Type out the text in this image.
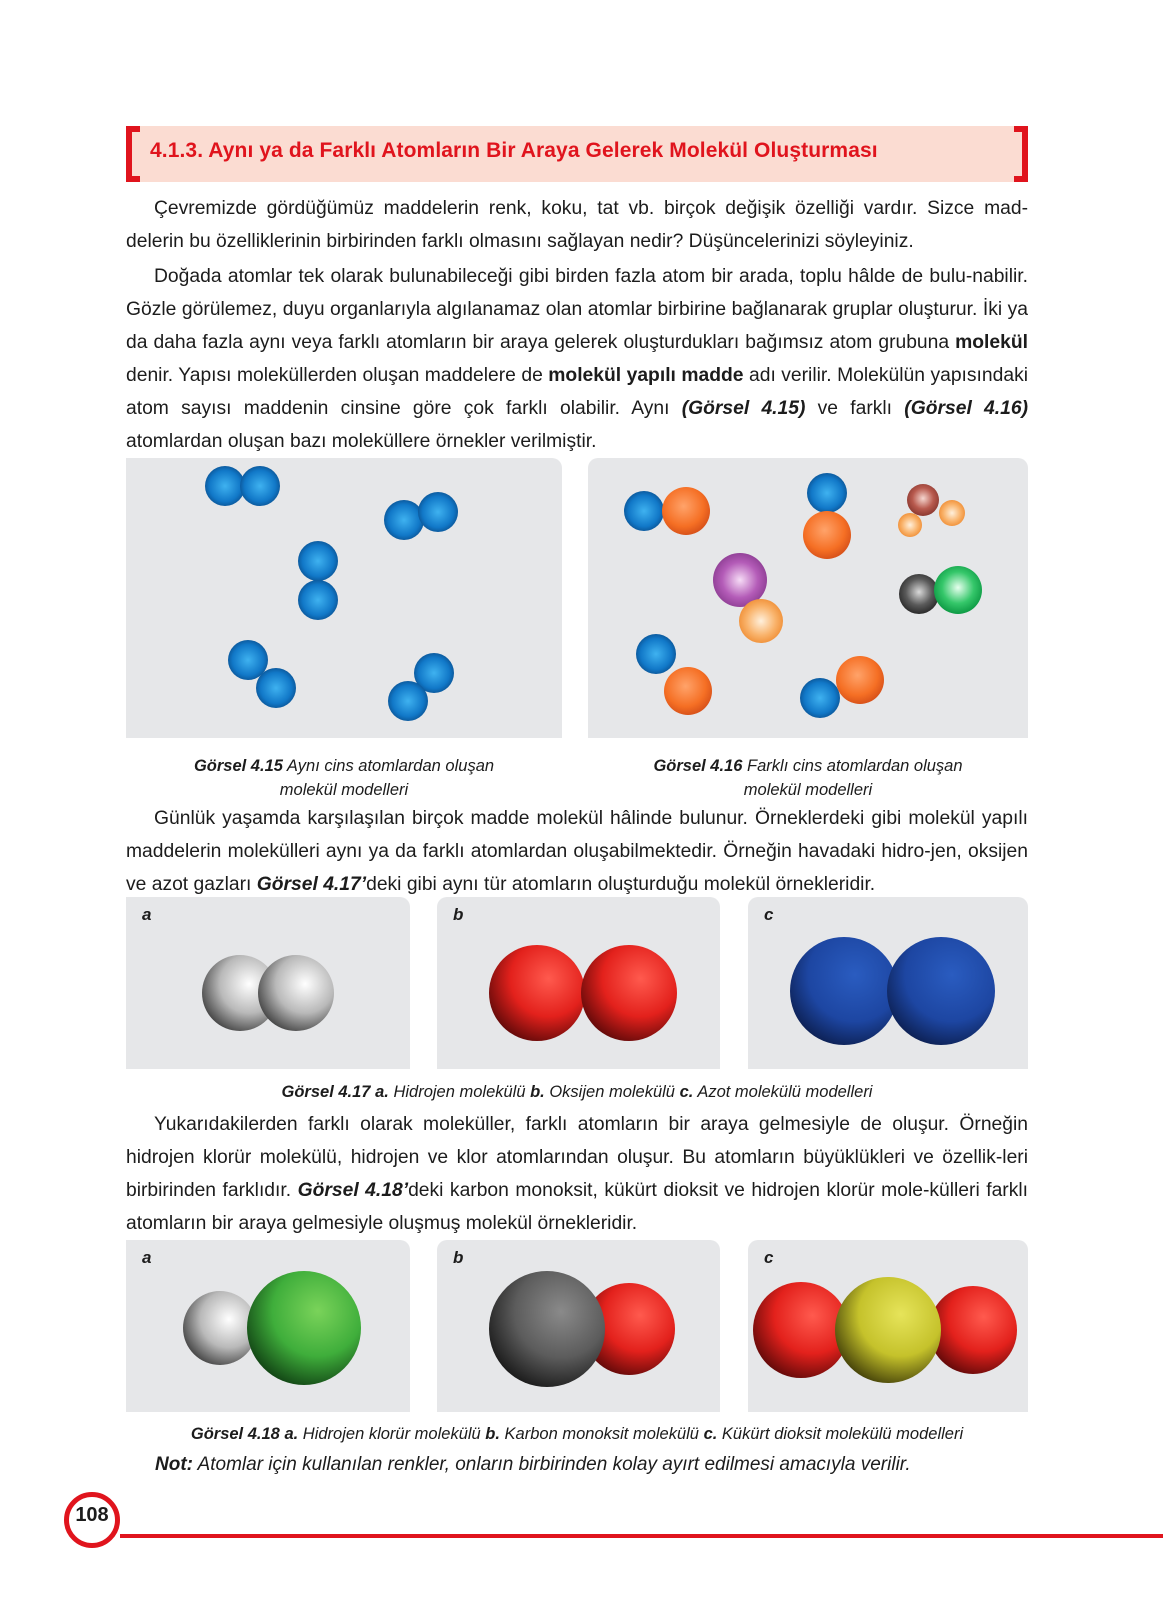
4.1.3. Aynı ya da Farklı Atomların Bir Araya Gelerek Molekül Oluşturması

Çevremizde gördüğümüz maddelerin renk, koku, tat vb. birçok değişik özelliği vardır. Sizce mad-

delerin bu özelliklerinin birbirinden farklı olmasını sağlayan nedir? Düşüncelerinizi söyleyiniz.

Doğada atomlar tek olarak bulunabileceği gibi birden fazla atom bir arada, toplu hâlde de bulu-nabilir. Gözle görülemez, duyu organlarıyla algılanamaz olan atomlar birbirine bağlanarak gruplar oluşturur. İki ya da daha fazla aynı veya farklı atomların bir araya gelerek oluşturdukları bağımsız atom grubuna molekül denir. Yapısı moleküllerden oluşan maddelere de molekül yapılı madde adı verilir. Molekülün yapısındaki atom sayısı maddenin cinsine göre çok farklı olabilir. Aynı (Görsel 4.15) ve farklı (Görsel 4.16) atomlardan oluşan bazı moleküllere örnekler verilmiştir.

Görsel 4.15 Aynı cins atomlardan oluşan
molekül modelleri
Görsel 4.16 Farklı cins atomlardan oluşan
molekül modelleri

Günlük yaşamda karşılaşılan birçok madde molekül hâlinde bulunur. Örneklerdeki gibi molekül yapılı maddelerin molekülleri aynı ya da farklı atomlardan oluşabilmektedir. Örneğin havadaki hidro-jen, oksijen ve azot gazları Görsel 4.17’deki gibi aynı tür atomların oluşturduğu molekül örnekleridir.

a	b	c
Görsel 4.17 a. Hidrojen molekülü b. Oksijen molekülü c. Azot molekülü modelleri

Yukarıdakilerden farklı olarak moleküller, farklı atomların bir araya gelmesiyle de oluşur. Örneğin hidrojen klorür molekülü, hidrojen ve klor atomlarından oluşur. Bu atomların büyüklükleri ve özellik-leri birbirinden farklıdır. Görsel 4.18’deki karbon monoksit, kükürt dioksit ve hidrojen klorür mole-külleri farklı atomların bir araya gelmesiyle oluşmuş molekül örnekleridir.

a	b	c
Görsel 4.18 a. Hidrojen klorür molekülü b. Karbon monoksit molekülü c. Kükürt dioksit molekülü modelleri
Not: Atomlar için kullanılan renkler, onların birbirinden kolay ayırt edilmesi amacıyla verilir.
108
